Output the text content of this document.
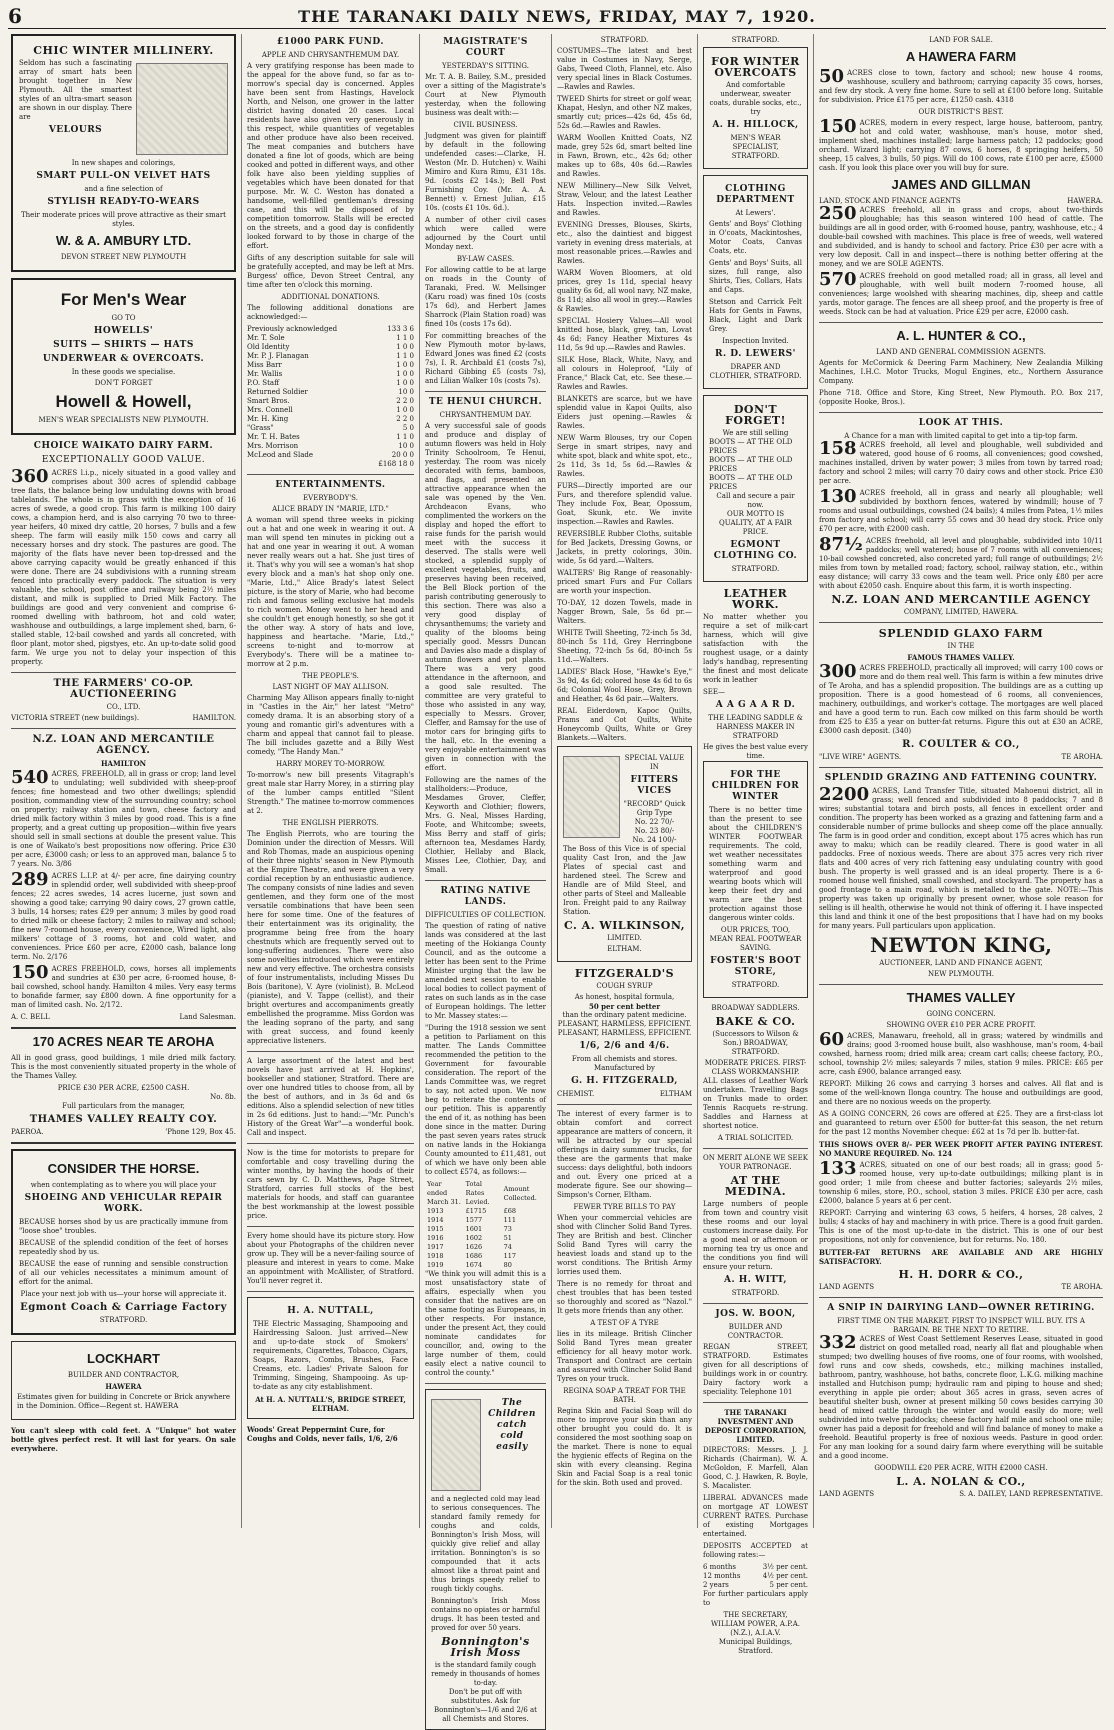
6	THE TARANAKI DAILY NEWS, FRIDAY, MAY 7, 1920.
CHIC WINTER MILLINERY.

Seldom has such a fascinating array of smart hats been brought together in New Plymouth. All the smartest styles of an ultra-smart season are shown in our display. There are

VELOURS
In new shapes and colorings,
SMART PULL-ON VELVET HATS
and a fine selection of
STYLISH READY-TO-WEARS

Their moderate prices will prove attractive as their smart styles.

W. & A. AMBURY LTD.
DEVON STREET NEW PLYMOUTH
For Men's Wear
GO TO
HOWELLS'
SUITS — SHIRTS — HATS
UNDERWEAR & OVERCOATS.
In these goods we specialise.
DON'T FORGET
Howell & Howell,
MEN'S WEAR SPECIALISTS NEW PLYMOUTH.
CHOICE WAIKATO DAIRY FARM.
EXCEPTIONALLY GOOD VALUE.

360 ACRES l.i.p., nicely situated in a good valley and comprises about 300 acres of splendid cabbage tree flats, the balance being low undulating downs with broad tablelands. The whole is in grass with the exception of 16 acres of swede, a good crop. This farm is milking 100 dairy cows, a champion herd, and is also carrying 70 two to three-year heifers, 40 mixed dry cattle, 20 horses, 7 bulls and a few sheep. The farm will easily milk 150 cows and carry all necessary horses and dry stock. The pastures are good. The majority of the flats have never been top-dressed and the above carrying capacity would be greatly enhanced if this were done. There are 24 subdivisions with a running stream fenced into practically every paddock. The situation is very valuable, the school, post office and railway being 2½ miles distant, and milk is supplied to Dried Milk Factory. The buildings are good and very convenient and comprise 6-roomed dwelling with bathroom, hot and cold water, washhouse and outbuildings, a large implement shed, barn, 6-stalled stable, 12-bail cowshed and yards all concreted, with floor plant, motor shed, pigstyes, etc. An up-to-date solid good farm. We urge you not to delay your inspection of this property.

THE FARMERS' CO-OP. AUCTIONEERING
CO., LTD.
VICTORIA STREET (new buildings).	HAMILTON.
N.Z. LOAN AND MERCANTILE AGENCY.
HAMILTON

540 ACRES, FREEHOLD, all in grass or crop; land level to undulating; well subdivided with sheep-proof fences; fine homestead and two other dwellings; splendid position, commanding view of the surrounding country; school on property; railway station and town, cheese factory and dried milk factory within 3 miles by good road. This is a fine property, and a great cutting up proposition—within five years should sell in small sections at double the present value. This is one of Waikato's best propositions now offering. Price £30 per acre, £3000 cash; or less to an approved man, balance 5 to 7 years. No. 3/86

289 ACRES L.I.P. at 4/- per acre, fine dairying country in splendid order, well subdivided with sheep-proof fences; 22 acres swedes, 14 acres lucerne, just sown and showing a good take; carrying 90 dairy cows, 27 grown cattle, 3 bulls, 14 horses; rates £29 per annum; 3 miles by good road to dried milk or cheese factory; 2 miles to railway and school; fine new 7-roomed house, every convenience, Wired light, also milkers' cottage of 3 rooms, hot and cold water, and conveniences. Price £60 per acre, £2000 cash, balance long term. No. 2/176

150 ACRES FREEHOLD, cows, horses all implements and sundries at £30 per acre, 6-roomed house, 8-bail cowshed, school handy. Hamilton 4 miles. Very easy terms to bonafide farmer, say £800 down. A fine opportunity for a man of limited cash. No. 2/172.

A. C. BELL	Land Salesman.
170 ACRES NEAR TE AROHA

All in good grass, good buildings, 1 mile dried milk factory. This is the most conveniently situated property in the whole of the Thames Valley.

PRICE £30 PER ACRE, £2500 CASH.
No. 8b.
Full particulars from the manager,
THAMES VALLEY REALTY COY.
PAEROA.	'Phone 129, Box 45.
CONSIDER THE HORSE.
when contemplating as to where you will place your
SHOEING AND VEHICULAR REPAIR WORK.

BECAUSE horses shod by us are practically immune from "loose shoe" troubles.

BECAUSE of the splendid condition of the feet of horses repeatedly shod by us.

BECAUSE the ease of running and sensible construction of all our vehicles necessitates a minimum amount of effort for the animal.

Place your next job with us—your horse will appreciate it.
Egmont Coach & Carriage Factory
STRATFORD.
LOCKHART
BUILDER AND CONTRACTOR,
HAWERA

Estimates given for building in Concrete or Brick anywhere in the Dominion. Office—Regent st. HAWERA

You can't sleep with cold feet. A "Unique" hot water bottle gives perfect rest. It will last for years. On sale everywhere.

£1000 PARK FUND.
APPLE AND CHRYSANTHEMUM DAY.

A very gratifying response has been made to the appeal for the above fund, so far as to-morrow's special day is concerned. Apples have been sent from Hastings, Havelock North, and Nelson, one grower in the latter district having donated 20 cases. Local residents have also given very generously in this respect, while quantities of vegetables and other produce have also been received. The meat companies and butchers have donated a fine lot of goods, which are being cooked and potted in different ways, and other folk have also been yielding supplies of vegetables which have been donated for that purpose. Mr. W. C. Weston has donated a handsome, well-filled gentleman's dressing case, and this will be disposed of by competition tomorrow. Stalls will be erected on the streets, and a good day is confidently looked forward to by those in charge of the effort.

Gifts of any description suitable for sale will be gratefully accepted, and may be left at Mrs. Burgess' office, Devon Street Central, any time after ten o'clock this morning.

ADDITIONAL DONATIONS.

The following additional donations are acknowledged:—

Previously acknowledged	133 3 6
Mr. T. Sole	1 1 0
Old Identity	1 0 0
Mr. P. J. Flanagan	1 1 0
Miss Barr	1 0 0
Mr. Wallis	1 0 0
P.O. Staff	1 0 0
Returned Soldier	10 0
Smart Bros.	2 2 0
Mrs. Connell	1 0 0
Mr. H. King	2 2 0
"Grass"	5 0
Mr. T. H. Bates	1 1 0
Mrs. Morrison	10 0
McLeod and Slade	20 0 0
£168 18 0
ENTERTAINMENTS.
EVERYBODY'S.
ALICE BRADY IN "MARIE, LTD."

A woman will spend three weeks in picking out a hat and one week in wearing it out. A man will spend ten minutes in picking out a hat and one year in wearing it out. A woman never really wears out a hat. She just tires of it. That's why you will see a woman's hat shop every block and a man's hat shop only one. "Marie, Ltd.," Alice Brady's latest Select picture, is the story of Marie, who had become rich and famous selling exclusive hat models to rich women. Money went to her head and she couldn't get enough honestly, so she got it the other way. A story of hats and love, happiness and heartache. "Marie, Ltd.," screens to-night and to-morrow at Everybody's. There will be a matinee to-morrow at 2 p.m.

THE PEOPLE'S.
LAST NIGHT OF MAY ALLISON.

Charming May Allison appears finally to-night in "Castles in the Air," her latest "Metro" comedy drama. It is an absorbing story of a young and romantic girl's adventures with a charm and appeal that cannot fail to please. The bill includes gazette and a Billy West comedy, "The Handy Man."

HARRY MOREY TO-MORROW.

To-morrow's new bill presents Vitagraph's great male star Harry Morey, in a stirring play of the lumber camps entitled "Silent Strength." The matinee to-morrow commences at 2.

THE ENGLISH PIERROTS.

The English Pierrots, who are touring the Dominion under the direction of Messrs. Will and Rob Thomas, made an auspicious opening of their three nights' season in New Plymouth at the Empire Theatre, and were given a very cordial reception by an enthusiastic audience. The company consists of nine ladies and seven gentlemen, and they form one of the most versatile combinations that have been seen here for some time. One of the features of their entertainment was its originality, the programme being free from the hoary chestnuts which are frequently served out to long-suffering audiences. There were also some novelties introduced which were entirely new and very effective. The orchestra consists of four instrumentalists, including Misses Du Bois (baritone), V. Ayre (violinist), B. McLeod (pianiste), and V. Tappe (cellist), and their bright overtures and accompaniments greatly embellished the programme. Miss Gordon was the leading soprano of the party, and sang with great success, and found keenly appreciative listeners.

A large assortment of the latest and best novels have just arrived at H. Hopkins', bookseller and stationer, Stratford. There are over one hundred titles to choose from, all by the best of authors, and in 3s 6d and 6s editions. Also a splendid selection of new titles in 2s 6d editions. Just to hand:—"Mr. Punch's History of the Great War"—a wonderful book. Call and inspect.

Now is the time for motorists to prepare for comfortable and cosy travelling during the winter months, by having the hoods of their cars sewn by C. D. Matthews, Page Street, Stratford, carries full stocks of the best materials for hoods, and staff can guarantee the best workmanship at the lowest possible price.

Every home should have its picture story. How about your Photographs of the children never grow up. They will be a never-failing source of pleasure and interest in years to come. Make an appointment with McAllister, of Stratford. You'll never regret it.

H. A. NUTTALL,

THE Electric Massaging, Shampooing and Hairdressing Saloon. Just arrived—New and up-to-date stock of Smokers' requirements, Cigarettes, Tobacco, Cigars, Soaps, Razors, Combs, Brushes, Face Creams, etc. Ladies' Private Saloon for Trimming, Singeing, Shampooing. As up-to-date as any city establishment.

At H. A. NUTTALL'S, BRIDGE STREET, ELTHAM.
Woods' Great Peppermint Cure, for Coughs and Colds, never fails, 1/6, 2/6
MAGISTRATE'S COURT
YESTERDAY'S SITTING.

Mr. T. A. B. Bailey, S.M., presided over a sitting of the Magistrate's Court at New Plymouth yesterday, when the following business was dealt with:—

CIVIL BUSINESS.

Judgment was given for plaintiff by default in the following undefended cases:—Clarke, H. Weston (Mr. D. Hutchen) v. Waihi Mimiro and Kura Rimu, £31 18s. 9d. (costs £2 14s.); Bell Post Furnishing Coy. (Mr. A. A. Bennett) v. Ernest Julian, £15 10s. (costs £1 10s. 6d.).

A number of other civil cases which were called were adjourned by the Court until Monday next.

BY-LAW CASES.

For allowing cattle to be at large on roads in the County of Taranaki, Fred. W. Mellsinger (Karu road) was fined 10s (costs 17s 6d), and Herbert James Sharrock (Plain Station road) was fined 10s (costs 17s 6d).

For committing breaches of the New Plymouth motor by-laws, Edward Jones was fined £2 (costs 7s), I. R. Archbald £1 (costs 7s), Richard Gibbing £5 (costs 7s), and Lilian Walker 10s (costs 7s).

TE HENUI CHURCH.
CHRYSANTHEMUM DAY.

A very successful sale of goods and produce and display of autumn flowers was held in Holy Trinity Schoolroom, Te Henui, yesterday. The room was nicely decorated with ferns, bamboos, and flags, and presented an attractive appearance when the sale was opened by the Ven. Archdeacon Evans, who complimented the workers on the display and hoped the effort to raise funds for the parish would meet with the success it deserved. The stalls were well stocked, a splendid supply of excellent vegetables, fruits, and preserves having been received, the Bell Block portion of the parish contributing generously to this section. There was also a very good display of chrysanthemums; the variety and quality of the blooms being specially good. Messrs Duncan and Davies also made a display of autumn flowers and pot plants. There was a very good attendance in the afternoon, and a good sale resulted. The committee are very grateful to those who assisted in any way, especially to Messrs. Grover, Cleffer, and Ramsay for the use of motor cars for bringing gifts to the hall, etc. In the evening a very enjoyable entertainment was given in connection with the effort.

Following are the names of the stallholders:—Produce, Mesdames Grover, Cleffer, Keyworth and Clothier; flowers, Mrs. G. Neal, Misses Harding, Foote, and Whitcombe; sweets, Miss Berry and staff of girls; afternoon tea, Mesdames Hardy, Clothier, Hellaby and Black, Misses Lee, Clothier, Day, and Small.

RATING NATIVE LANDS.
DIFFICULTIES OF COLLECTION.

The question of rating of native lands was considered at the last meeting of the Hokianga County Council, and as the outcome a letter has been sent to the Prime Minister urging that the law be amended next session to enable local bodies to collect payment of rates on such lands as in the case of European holdings. The letter to Mr. Massey states:—

"During the 1918 session we sent a petition to Parliament on this matter. The Lands Committee recommended the petition to the Government for favourable consideration. The report of the Lands Committee was, we regret to say, not acted upon. We now beg to reiterate the contents of our petition. This is apparently the end of it, as nothing has been done since in the matter. During the past seven years rates struck on native lands in the Hokianga County amounted to £11,481, out of which we have only been able to collect £574, as follows:—

Year ended March 31.	Total Rates Levied.	Amount Collected.
1913	£1715	£68
1914	1577	111
1915	1601	73
1916	1602	51
1917	1626	74
1918	1686	117
1919	1674	80

"We think you will admit this is a most unsatisfactory state of affairs, especially when you consider that the natives are on the same footing as Europeans, in other respects. For instance, under the present Act, they could nominate candidates for councillor, and, owing to the large number of them, could easily elect a native council to control the county."

The Children catch cold easily

and a neglected cold may lead to serious consequences. The standard family remedy for coughs and colds, Bonnington's Irish Moss, will quickly give relief and allay irritation. Bonnington's is so compounded that it acts almost like a throat paint and thus brings speedy relief to rough tickly coughs.

Bonnington's Irish Moss contains no opiates or harmful drugs. It has been tested and proved for over 50 years.

Bonnington's Irish Moss
is the standard family cough remedy in thousands of homes to-day.
Don't be put off with substitutes. Ask for Bonnington's—1/6 and 2/6 at all Chemists and Stores.
STRATFORD.

COSTUMES—The latest and best value in Costumes in Navy, Serge, Gabs, Tweed Cloth, Flannel, etc. Also very special lines in Black Costumes.—Rawles and Rawles.

TWEED Shirts for street or golf wear, Khapat, Heslyn, and other NZ makes, smartly cut; prices—42s 6d, 45s 6d, 52s 6d.—Rawles and Rawles.

WARM Woollen Knitted Coats, NZ made, grey 52s 6d, smart belted line in Fawn, Brown, etc., 42s 6d; other makes up to 68s, 40s 6d.—Rawles and Rawles.

NEW Millinery—New Silk Velvet, Straw, Velour, and the latest Leather Hats. Inspection invited.—Rawles and Rawles.

EVENING Dresses, Blouses, Skirts, etc., also the daintiest and biggest variety in evening dress materials, at most reasonable prices.—Rawles and Rawles.

WARM Woven Bloomers, at old prices, grey 1s 11d, special heavy quality 6s 6d, all wool navy, NZ make, 8s 11d; also all wool in grey.—Rawles & Rawles.

SPECIAL Hosiery Values—All wool knitted hose, black, grey, tan, Lovat 4s 6d; Fancy Heather Mixtures 4s 11d, 5s 9d up.—Rawles and Rawles.

SILK Hose, Black, White, Navy, and all colours in Holeproof, "Lily of France," Black Cat, etc. See these.—Rawles and Rawles.

BLANKETS are scarce, but we have splendid value in Kapoi Quilts, also Eiders just opening.—Rawles & Rawles.

NEW Warm Blouses, try our Copen Serge in smart stripes, navy and white spot, black and white spot, etc., 2s 11d, 3s 1d, 5s 6d.—Rawles & Rawles.

FURS—Directly imported are our Furs, and therefore splendid value. They include Fox, Bear, Opossum, Goat, Skunk, etc. We invite inspection.—Rawles and Rawles.

REVERSIBLE Rubber Cloths, suitable for Bed Jackets, Dressing Gowns, or Jackets, in pretty colorings, 30in. wide, 5s 6d yard.—Walters.

WALTERS' Big Range of reasonably-priced smart Furs and Fur Collars are worth your inspection.

TO-DAY, 12 dozen Towels, made in Nagger Brown, Sale, 5s 6d pr.—Walters.

WHITE Twill Sheeting, 72-inch 5s 3d, 80-inch 5s 11d, Grey Herringbone Sheeting, 72-inch 5s 6d, 80-inch 5s 11d.—Walters.

LADIES' Black Hose, "Hawke's Eye," 3s 9d, 4s 6d; colored hose 4s 6d to 6s 6d; Colonial Wool Hose, Grey, Brown and Heather, 4s 6d pair.—Walters.

REAL Eiderdown, Kapoc Quilts, Prams and Cot Quilts, White Honeycomb Quilts, White or Grey Blankets.—Walters.

SPECIAL VALUE IN
FITTERS VICES
"RECORD" Quick Grip Type
No. 22 70/-
No. 23 80/-
No. 24 100/-

The Boss of this Vice is of special quality Cast Iron, and the Jaw Plates of special cast and hardened steel. The Screw and Handle are of Mild Steel, and other parts of Steel and Malleable Iron. Freight paid to any Railway Station.

C. A. WILKINSON,
LIMITED.
ELTHAM.
FITZGERALD'S
COUGH SYRUP
As honest, hospital formula,
50 per cent better
than the ordinary patent medicine.
PLEASANT, HARMLESS, EFFICIENT.
PLEASANT, HARMLESS, EFFICIENT.
1/6, 2/6 and 4/6.
From all chemists and stores.
Manufactured by
G. H. FITZGERALD,
CHEMIST.	ELTHAM

The interest of every farmer is to obtain comfort and correct appearance are matters of concern, it will be attracted by our special offerings in dairy summer trucks, for these are the garments that make success: days delightful, both indoors and out. Every one priced at a moderate figure. See our showing—Simpson's Corner, Eltham.

FEWER TYRE BILLS TO PAY

When your commercial vehicles are shod with Clincher Solid Band Tyres. They are British and best. Clincher Solid Band Tyres will carry the heaviest loads and stand up to the worst conditions. The British Army lorries used them.

There is no remedy for throat and chest troubles that has been tested so thoroughly and scored as "Nazol." It gets more friends than any other.

A TEST OF A TYRE

lies in its mileage. British Clincher Solid Band Tyres mean greater efficiency for all heavy motor work. Transport and Contract are certain and assured with Clincher Solid Band Tyres on your truck.

REGINA SOAP A TREAT FOR THE BATH.

Regina Skin and Facial Soap will do more to improve your skin than any other brought you could do. It is considered the most soothing soap on the market. There is none to equal the hygienic effects of Regina on the skin with every cleansing. Regina Skin and Facial Soap is a real tonic for the skin. Both used and proved.

STRATFORD.
FOR WINTER OVERCOATS

And comfortable underwear, sweater coats, durable socks, etc., try

A. H. HILLOCK,
MEN'S WEAR SPECIALIST, STRATFORD.
CLOTHING DEPARTMENT
At Lewers'.

Gents' and Boys' Clothing in O'coats, Mackintoshes, Motor Coats, Canvas Coats, etc.

Gents' and Boys' Suits, all sizes, full range, also Shirts, Ties, Collars, Hats and Caps.

Stetson and Carrick Felt Hats for Gents in Fawns, Black, Light and Dark Grey.

Inspection Invited.
R. D. LEWERS'
DRAPER AND CLOTHIER, STRATFORD.
DON'T FORGET!
We are still selling
BOOTS — AT THE OLD PRICES
BOOTS — AT THE OLD PRICES
BOOTS — AT THE OLD PRICES
Call and secure a pair now.
OUR MOTTO IS QUALITY, AT A FAIR PRICE.
EGMONT CLOTHING CO.
STRATFORD.
LEATHER WORK.

No matter whether you require a set of milk-cart harness, which will give satisfaction with the roughest usage, or a dainty lady's handbag, representing the finest and most delicate work in leather

SEE—
A A G A A R D.
THE LEADING SADDLE & HARNESS MAKER IN STRATFORD
He gives the best value every time.
FOR THE CHILDREN FOR WINTER

There is no better time than the present to see about the CHILDREN'S WINTER FOOTWEAR requirements. The cold, wet weather necessitates something warm and waterproof and good wearing boots which will keep their feet dry and warm are the best protection against those dangerous winter colds.

OUR PRICES, TOO, MEAN REAL FOOTWEAR SAVING.
FOSTER'S BOOT STORE,
STRATFORD.
BROADWAY SADDLERS.
BAKE & CO.
(Successors to Wilson & Son.) BROADWAY, STRATFORD.
MODERATE PRICES. FIRST-CLASS WORKMANSHIP.

ALL classes of Leather Work undertaken. Travelling Bags on Trunks made to order. Tennis Racquets re-strung. Saddles and Harness at shortest notice.

A TRIAL SOLICITED.
ON MERIT ALONE WE SEEK YOUR PATRONAGE.
AT THE MEDINA.

Large numbers of people from town and country visit these rooms and our loyal customers increase daily. For a good meal or afternoon or morning tea try us once and the conditions you find will ensure your return.

A. H. WITT,
STRATFORD.
JOS. W. BOON,
BUILDER AND CONTRACTOR.

REGAN STREET, STRATFORD. Estimates given for all descriptions of buildings work in or country. Dairy factory work a speciality. Telephone 101

THE TARANAKI INVESTMENT AND DEPOSIT CORPORATION, LIMITED.

DIRECTORS: Messrs. J. J. Richards (Chairman), W. A. McGoldon, F. Marfell, Alan Good, C. J. Hawken, R. Boyle, S. Macalister.

LIBERAL ADVANCES made on mortgage AT LOWEST CURRENT RATES. Purchase of existing Mortgages entertained.

DEPOSITS ACCEPTED at following rates:—

6 months	3½ per cent.
12 months	4½ per cent.
2 years	5 per cent.

For further particulars apply to

THE SECRETARY,
WILLIAM POWER, A.P.A. (N.Z.), A.I.A.V.
Municipal Buildings, Stratford.
LAND FOR SALE.
A HAWERA FARM

50 ACRES close to town, factory and school; new house 4 rooms, washhouse, scullery and bathroom; carrying capacity 35 cows, horses, and few dry stock. A very fine home. Sure to sell at £100 before long. Suitable for subdivision. Price £175 per acre, £1250 cash. 4318

OUR DISTRICT'S BEST.

150 ACRES, modern in every respect, large house, batteroom, pantry, hot and cold water, washhouse, man's house, motor shed, implement shed, machines installed; large harness patch; 12 paddocks; good orchard. Wizard light; carrying 87 cows, 6 horses, 8 springing heifers, 50 sheep, 15 calves, 3 bulls, 50 pigs. Will do 100 cows, rate £100 per acre, £5000 cash. If you look this place over you will buy for sure.

JAMES AND GILLMAN
LAND, STOCK AND FINANCE AGENTS	HAWERA.

250 ACRES freehold, all in grass and crops, about two-thirds ploughable; has this season wintered 100 head of cattle. The buildings are all in good order, with 6-roomed house, pantry, washhouse, etc.; 4 double-bail cowshed with machines. This place is free of weeds, well watered and subdivided, and is handy to school and factory. Price £30 per acre with a very low deposit. Call in and inspect—there is nothing better offering at the money, and we are SOLE AGENTS.

570 ACRES freehold on good metalled road; all in grass, all level and ploughable, with well built modern 7-roomed house, all conveniences; large woolshed with shearing machines, dip, sheep and cattle yards, motor garage. The fences are all sheep proof, and the property is free of weeds. Stock can be had at valuation. Price £29 per acre, £2000 cash.

A. L. HUNTER & CO.,
LAND AND GENERAL COMMISSION AGENTS.

Agents for McCormick & Deering Farm Machinery, New Zealandia Milking Machines, I.H.C. Motor Trucks, Mogul Engines, etc., Northern Assurance Company.

Phone 718. Office and Store, King Street, New Plymouth. P.O. Box 217, (opposite Hooke, Bros.).

LOOK AT THIS.
A Chance for a man with limited capital to get into a tip-top farm.

158 ACRES freehold, all level and ploughable, well subdivided and watered, good house of 6 rooms, all conveniences; good cowshed, machines installed, driven by water power; 3 miles from town by tarred road; factory and school 2 miles; will carry 70 dairy cows and other stock. Price £30 per acre.

130 ACRES freehold, all in grass and nearly all ploughable; well subdivided by boxthorn fences, watered by windmill; house of 7 rooms and usual outbuildings, cowshed (24 bails); 4 miles from Patea, 1½ miles from factory and school; will carry 55 cows and 30 head dry stock. Price only £70 per acre, with £2000 cash.

87½ ACRES freehold, all level and ploughable, subdivided into 10/11 paddocks; well watered; house of 7 rooms with all conveniences; 10-bail cowshed concreted, also concreted yard; full range of outbuildings; 2½ miles from town by metalled road; factory, school, railway station, etc., within easy distance; will carry 33 cows and the team well. Price only £80 per acre with about £2050 cash. Enquire about this farm, it is worth inspecting.

N.Z. LOAN AND MERCANTILE AGENCY
COMPANY, LIMITED, HAWERA.
SPLENDID GLAXO FARM
IN THE
FAMOUS THAMES VALLEY.

300 ACRES FREEHOLD, practically all improved; will carry 100 cows or more and do them real well. This farm is within a few minutes drive of Te Aroha, and has a splendid proposition. The buildings are as a cutting up proposition. There is a good homestead of 6 rooms, all conveniences, machinery, outbuildings, and worker's cottage. The mortgages are well placed and have a good term to run. Each cow milked on this farm should be worth from £25 to £35 a year on butter-fat returns. Figure this out at £30 an ACRE, £3000 cash deposit. (340)

R. COULTER & CO.,
"LIVE WIRE" AGENTS.	TE AROHA.
SPLENDID GRAZING AND FATTENING COUNTRY.

2200 ACRES, Land Transfer Title, situated Mahoenui district, all in grass; well fenced and subdivided into 8 paddocks; 7 and 8 wires; substantial totara and birch posts, all fences in excellent order and condition. The property has been worked as a grazing and fattening farm and a considerable number of prime bullocks and sheep come off the place annually. The farm is in good order and condition, except about 175 acres which has run away to maku; which can be readily cleared. There is good water in all paddocks. Free of noxious weeds. There are about 375 acres very rich river flats and 400 acres of very rich fattening easy undulating country with good bush. The property is well grassed and is an ideal property. There is a 6-roomed house well finished, small cowshed, and stockyard. The property has a good frontage to a main road, which is metalled to the gate. NOTE:—This property was taken up originally by present owner, whose sole reason for selling is ill health, otherwise he would not think of offering it. I have inspected this land and think it one of the best propositions that I have had on my books for many years. Full particulars upon application.

NEWTON KING,
AUCTIONEER, LAND AND FINANCE AGENT,
NEW PLYMOUTH.
THAMES VALLEY
GOING CONCERN.
SHOWING OVER £10 PER ACRE PROFIT.

60 ACRES, Manawaru, freehold, all in grass; watered by windmills and drains; good 3-roomed house built, also washhouse, man's room, 4-bail cowshed, harness room; dried milk area; cream cart calls; cheese factory, P.O., school, township 2½ miles; saleyards 7 miles, station 9 miles. PRICE: £65 per acre, cash £900, balance arranged easy.

REPORT: Milking 26 cows and carrying 3 horses and calves. All flat and is some of the well-known Ilonga country. The house and outbuildings are good, and there are no noxious weeds on the property.

AS A GOING CONCERN, 26 cows are offered at £25. They are a first-class lot and guaranteed to return over £500 for butter-fat this season, the net return for the past 12 months November cheque: £62 at 1s 7d per lb. butter-fat.

THIS SHOWS OVER 8/- PER WEEK PROFIT AFTER PAYING INTEREST. NO MANURE REQUIRED. No. 124

133 ACRES, situated on one of our best roads; all in grass; good 5-roomed house, very up-to-date outbuildings; milking plant is in good order; 1 mile from cheese and butter factories; saleyards 2½ miles, township 6 miles, store, P.O., school, station 3 miles. PRICE £30 per acre, cash £2000, balance 5 years at 6 per cent.

REPORT: Carrying and wintering 63 cows, 5 heifers, 4 horses, 28 calves, 2 bulls; 4 stacks of hay and machinery in with price. There is a good fruit garden. This is one of the most up-to-date in the district. This is one of our best propositions, not only for convenience, but for returns. No. 180.

BUTTER-FAT RETURNS ARE AVAILABLE AND ARE HIGHLY SATISFACTORY.

H. H. DORR & CO.,
LAND AGENTS	TE AROHA.
A SNIP IN DAIRYING LAND—OWNER RETIRING.
FIRST TIME ON THE MARKET. FIRST TO INSPECT WILL BUY. ITS A BARGAIN. BE THE NEXT TO RETIRE.

332 ACRES of West Coast Settlement Reserves Lease, situated in good district on good metalled road, nearly all flat and ploughable when stumped; two dwelling houses of five rooms, one of four rooms, with woolshed, fowl runs and cow sheds, cowsheds, etc.; milking machines installed, bathroom, pantry, washhouse, hot baths, concrete floor, L.K.G. milking machine installed and Hutchison pump; hydraulic ram and piping to house and shed; everything in apple pie order; about 365 acres in grass, seven acres of beautiful shelter bush, owner at present milking 50 cows besides carrying 30 head of mixed cattle through the winter and would easily do more; well subdivided into twelve paddocks; cheese factory half mile and school one mile; owner has paid a deposit for freehold and will find balance of money to make a freehold. Beautiful property is free of noxious weeds. Pasture in good order. For any man looking for a sound dairy farm where everything will be suitable and a good income.

GOODWILL £20 PER ACRE, WITH £2000 CASH.
L. A. NOLAN & CO.,
LAND AGENTS	S. A. DAILEY, LAND REPRESENTATIVE.
